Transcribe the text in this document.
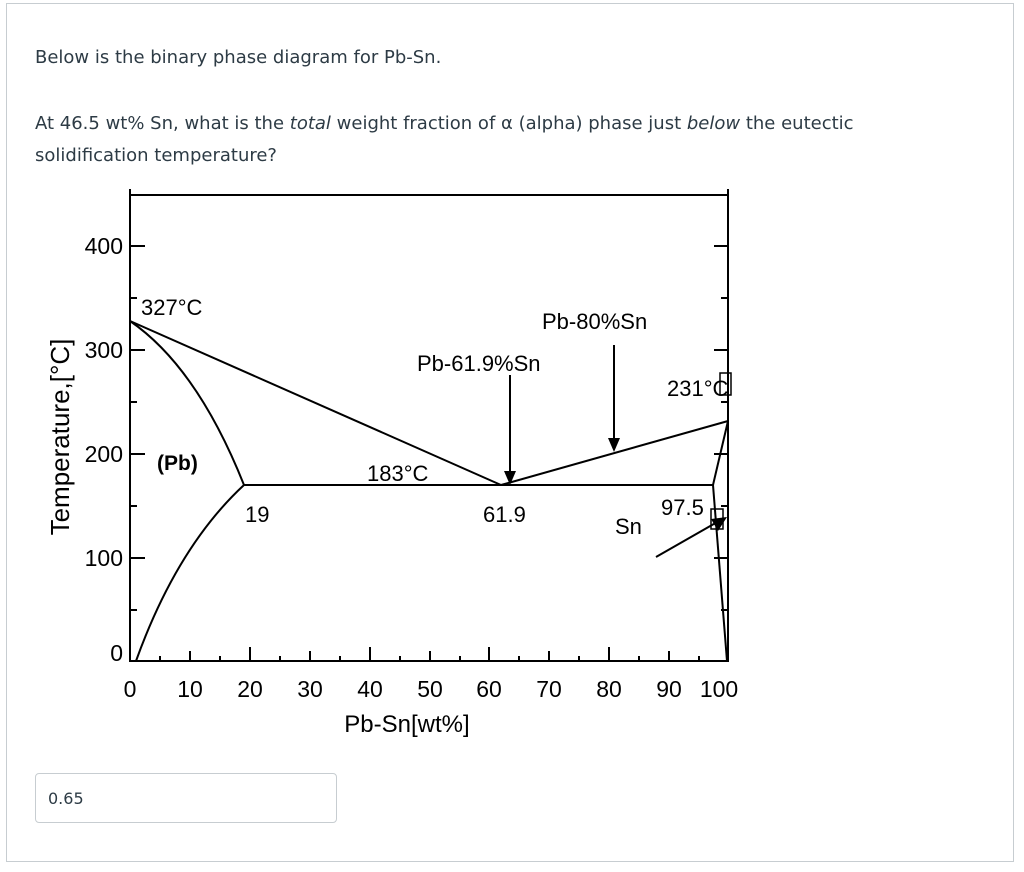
Below is the binary phase diagram for Pb-Sn.

At 46.5 wt% Sn, what is the total weight fraction of α (alpha) phase just below the eutectic solidification temperature?

0
100
200
300
400
0 10 20 30 40 50 60 70 80 90 100
Pb-Sn[wt%]
Temperature,[°C]
327°C
(Pb)	183°C
Pb-61.9%Sn
Pb-80%Sn
231°C
19	61.9	97.5
Sn
0.65
